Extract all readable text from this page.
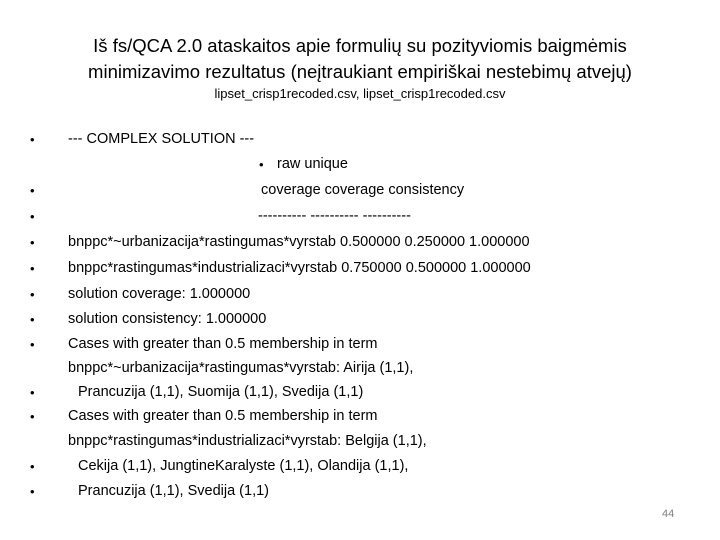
Iš fs/QCA 2.0 ataskaitos apie formulių su pozityviomis baigmėmis
minimizavimo rezultatus (neįtraukiant empiriškai nestebimų atvejų)
lipset_crisp1recoded.csv, lipset_crisp1recoded.csv
•
•
•
•
•
•
•
•
•
•
•
•
•
--- COMPLEX SOLUTION ---
raw unique
coverage coverage consistency
---------- ---------- ----------
bnppc*~urbanizacija*rastingumas*vyrstab 0.500000 0.250000 1.000000
bnppc*rastingumas*industrializaci*vyrstab 0.750000 0.500000 1.000000
solution coverage: 1.000000
solution consistency: 1.000000
Cases with greater than 0.5 membership in term
bnppc*~urbanizacija*rastingumas*vyrstab: Airija (1,1),
Prancuzija (1,1), Suomija (1,1), Svedija (1,1)
Cases with greater than 0.5 membership in term
bnppc*rastingumas*industrializaci*vyrstab: Belgija (1,1),
Cekija (1,1), JungtineKaralyste (1,1), Olandija (1,1),
Prancuzija (1,1), Svedija (1,1)
44
